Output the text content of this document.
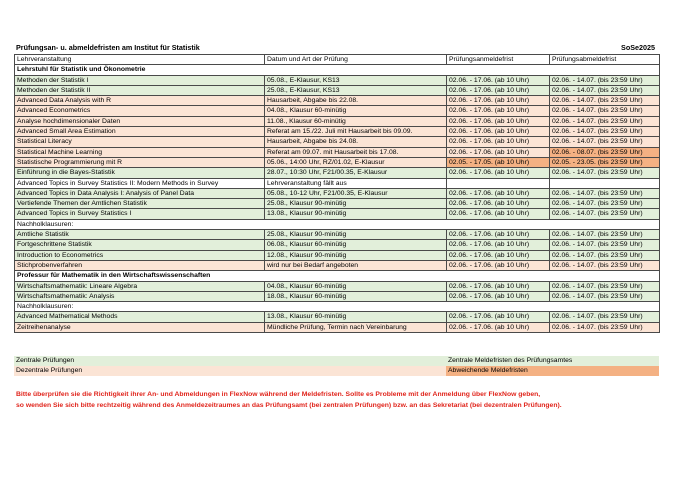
Prüfungsan- u. abmeldefristen am Institut für Statistik	SoSe2025
Lehrveranstaltung	Datum und Art der Prüfung	Prüfungsanmeldefrist	Prüfungsabmeldefrist
Lehrstuhl für Statistik und Ökonometrie			
Methoden der Statistik I	05.08., E-Klausur, KS13	02.06. - 17.06. (ab 10 Uhr)	02.06. - 14.07. (bis 23:59 Uhr)
Methoden der Statistik II	25.08., E-Klausur, KS13	02.06. - 17.06. (ab 10 Uhr)	02.06. - 14.07. (bis 23:59 Uhr)
Advanced Data Analysis with R	Hausarbeit, Abgabe bis 22.08.	02.06. - 17.06. (ab 10 Uhr)	02.06. - 14.07. (bis 23:59 Uhr)
Advanced Econometrics	04.08., Klausur 60-minütig	02.06. - 17.06. (ab 10 Uhr)	02.06. - 14.07. (bis 23:59 Uhr)
Analyse hochdimensionaler Daten	11.08., Klausur 60-minütig	02.06. - 17.06. (ab 10 Uhr)	02.06. - 14.07. (bis 23:59 Uhr)
Advanced Small Area Estimation	Referat am 15./22. Juli mit Hausarbeit bis 09.09.	02.06. - 17.06. (ab 10 Uhr)	02.06. - 14.07. (bis 23:59 Uhr)
Statistical Literacy	Hausarbeit, Abgabe bis 24.08.	02.06. - 17.06. (ab 10 Uhr)	02.06. - 14.07. (bis 23:59 Uhr)
Statistical Machine Learning	Referat am 09.07. mit Hausarbeit bis 17.08.	02.06. - 17.06. (ab 10 Uhr)	02.06. - 08.07. (bis 23:59 Uhr)
Statistische Programmierung mit R	05.06., 14:00 Uhr, RZ/01.02, E-Klausur	02.05. - 17.05. (ab 10 Uhr)	02.05. - 23.05. (bis 23:59 Uhr)
Einführung in die Bayes-Statistik	28.07., 10:30 Uhr, F21/00.35, E-Klausur	02.06. - 17.06. (ab 10 Uhr)	02.06. - 14.07. (bis 23:59 Uhr)
Advanced Topics in Survey Statistics II: Modern Methods in Survey	Lehrveranstaltung fällt aus		
Advanced Topics in Data Analysis I: Analysis of Panel Data	05.08., 10-12 Uhr, F21/00.35, E-Klausur	02.06. - 17.06. (ab 10 Uhr)	02.06. - 14.07. (bis 23:59 Uhr)
Vertiefende Themen der Amtlichen Statistik	25.08., Klausur 90-minütig	02.06. - 17.06. (ab 10 Uhr)	02.06. - 14.07. (bis 23:59 Uhr)
Advanced Topics in Survey Statistics I	13.08., Klausur 90-minütig	02.06. - 17.06. (ab 10 Uhr)	02.06. - 14.07. (bis 23:59 Uhr)
Nachholklausuren:			
Amtliche Statistik	25.08., Klausur 90-minütig	02.06. - 17.06. (ab 10 Uhr)	02.06. - 14.07. (bis 23:59 Uhr)
Fortgeschrittene Statistik	06.08., Klausur 60-minütig	02.06. - 17.06. (ab 10 Uhr)	02.06. - 14.07. (bis 23:59 Uhr)
Introduction to Econometrics	12.08., Klausur 90-minütig	02.06. - 17.06. (ab 10 Uhr)	02.06. - 14.07. (bis 23:59 Uhr)
Stichprobenverfahren	wird nur bei Bedarf angeboten	02.06. - 17.06. (ab 10 Uhr)	02.06. - 14.07. (bis 23:59 Uhr)
Professur für Mathematik in den Wirtschaftswissenschaften			
Wirtschaftsmathematik: Lineare Algebra	04.08., Klausur 60-minütig	02.06. - 17.06. (ab 10 Uhr)	02.06. - 14.07. (bis 23:59 Uhr)
Wirtschaftsmathematik: Analysis	18.08., Klausur 60-minütig	02.06. - 17.06. (ab 10 Uhr)	02.06. - 14.07. (bis 23:59 Uhr)
Nachholklausuren:			
Advanced Mathematical Methods	13.08., Klausur 60-minütig	02.06. - 17.06. (ab 10 Uhr)	02.06. - 14.07. (bis 23:59 Uhr)
Zeitreihenanalyse	Mündliche Prüfung, Termin nach Vereinbarung	02.06. - 17.06. (ab 10 Uhr)	02.06. - 14.07. (bis 23:59 Uhr)
Zentrale Prüfungen
Dezentrale Prüfungen
Zentrale Meldefristen des Prüfungsamtes
Abweichende Meldefristen
Bitte überprüfen sie die Richtigkeit ihrer An- und Abmeldungen in FlexNow während der Meldefristen. Sollte es Probleme mit der Anmeldung über FlexNow geben,
so wenden Sie sich bitte rechtzeitig während des Anmeldezeitraumes an das Prüfungsamt (bei zentralen Prüfungen) bzw. an das Sekretariat (bei dezentralen Prüfungen).
